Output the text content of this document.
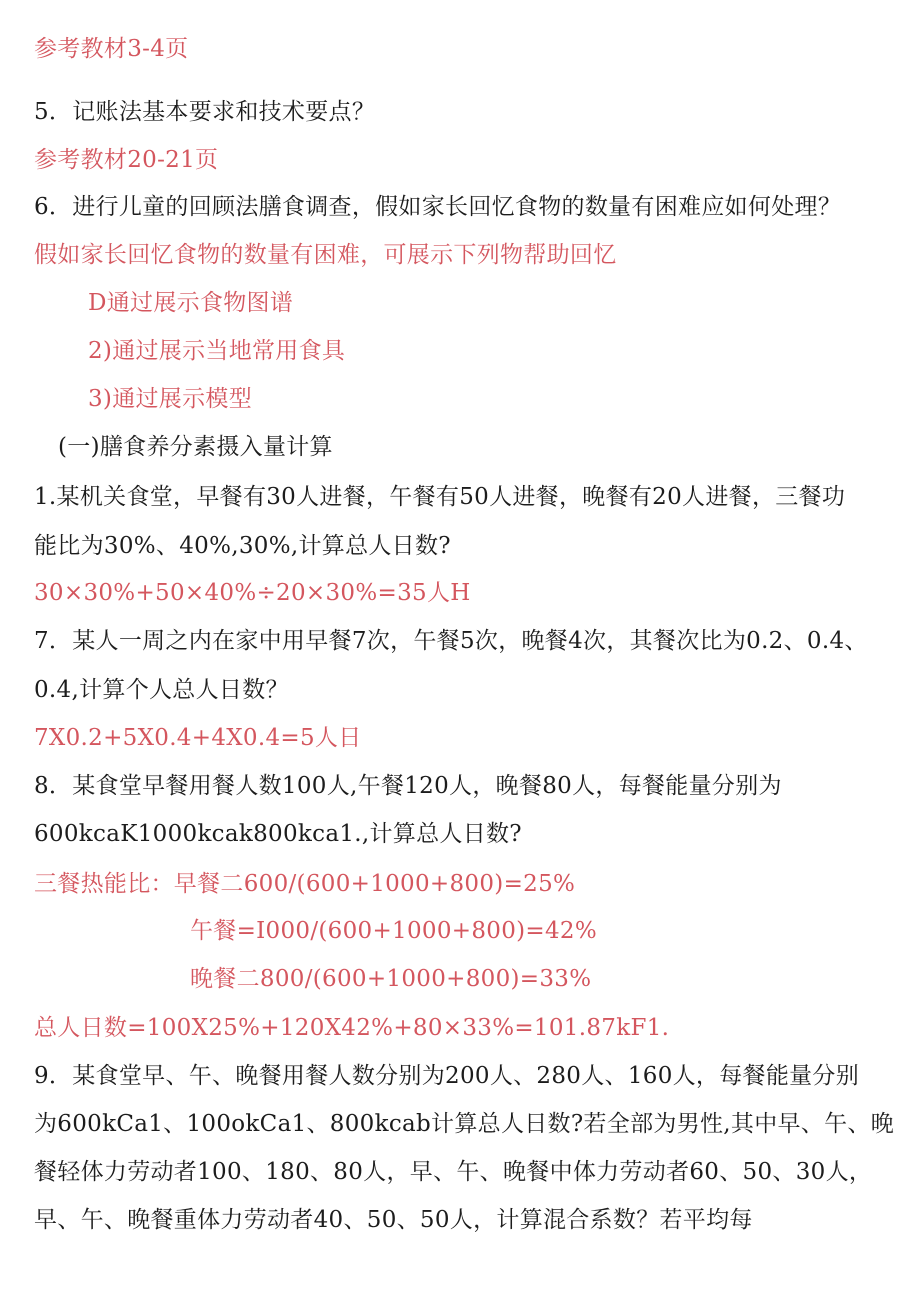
参考教材3-4页
5．记账法基本要求和技术要点？
参考教材20-21页
6．进行儿童的回顾法膳食调查，假如家长回忆食物的数量有困难应如何处理？
假如家长回忆食物的数量有困难，可展示下列物帮助回忆
D通过展示食物图谱
2)通过展示当地常用食具
3)通过展示模型
(一)膳食养分素摄入量计算
1.某机关食堂，早餐有30人进餐，午餐有50人进餐，晚餐有20人进餐，三餐功
能比为30%、40%,30%,计算总人日数?
30×30%+50×40%÷20×30%=35人H
7．某人一周之内在家中用早餐7次，午餐5次，晚餐4次，其餐次比为0.2、0.4、
0.4,计算个人总人日数？
7X0.2+5X0.4+4X0.4=5人日
8．某食堂早餐用餐人数100人,午餐120人，晚餐80人，每餐能量分别为
600kcaK1000kcak800kca1.,计算总人日数?
三餐热能比：早餐二600/(600+1000+800)=25%
午餐=I000/(600+1000+800)=42%
晚餐二800/(600+1000+800)=33%
总人日数=100X25%+120X42%+80×33%=101.87kF1.
9．某食堂早、午、晚餐用餐人数分别为200人、280人、160人，每餐能量分别
为600kCa1、100okCa1、800kcab计算总人日数?若全部为男性,其中早、午、晚
餐轻体力劳动者100、180、80人，早、午、晚餐中体力劳动者60、50、30人，
早、午、晚餐重体力劳动者40、50、50人，计算混合系数？若平均每
